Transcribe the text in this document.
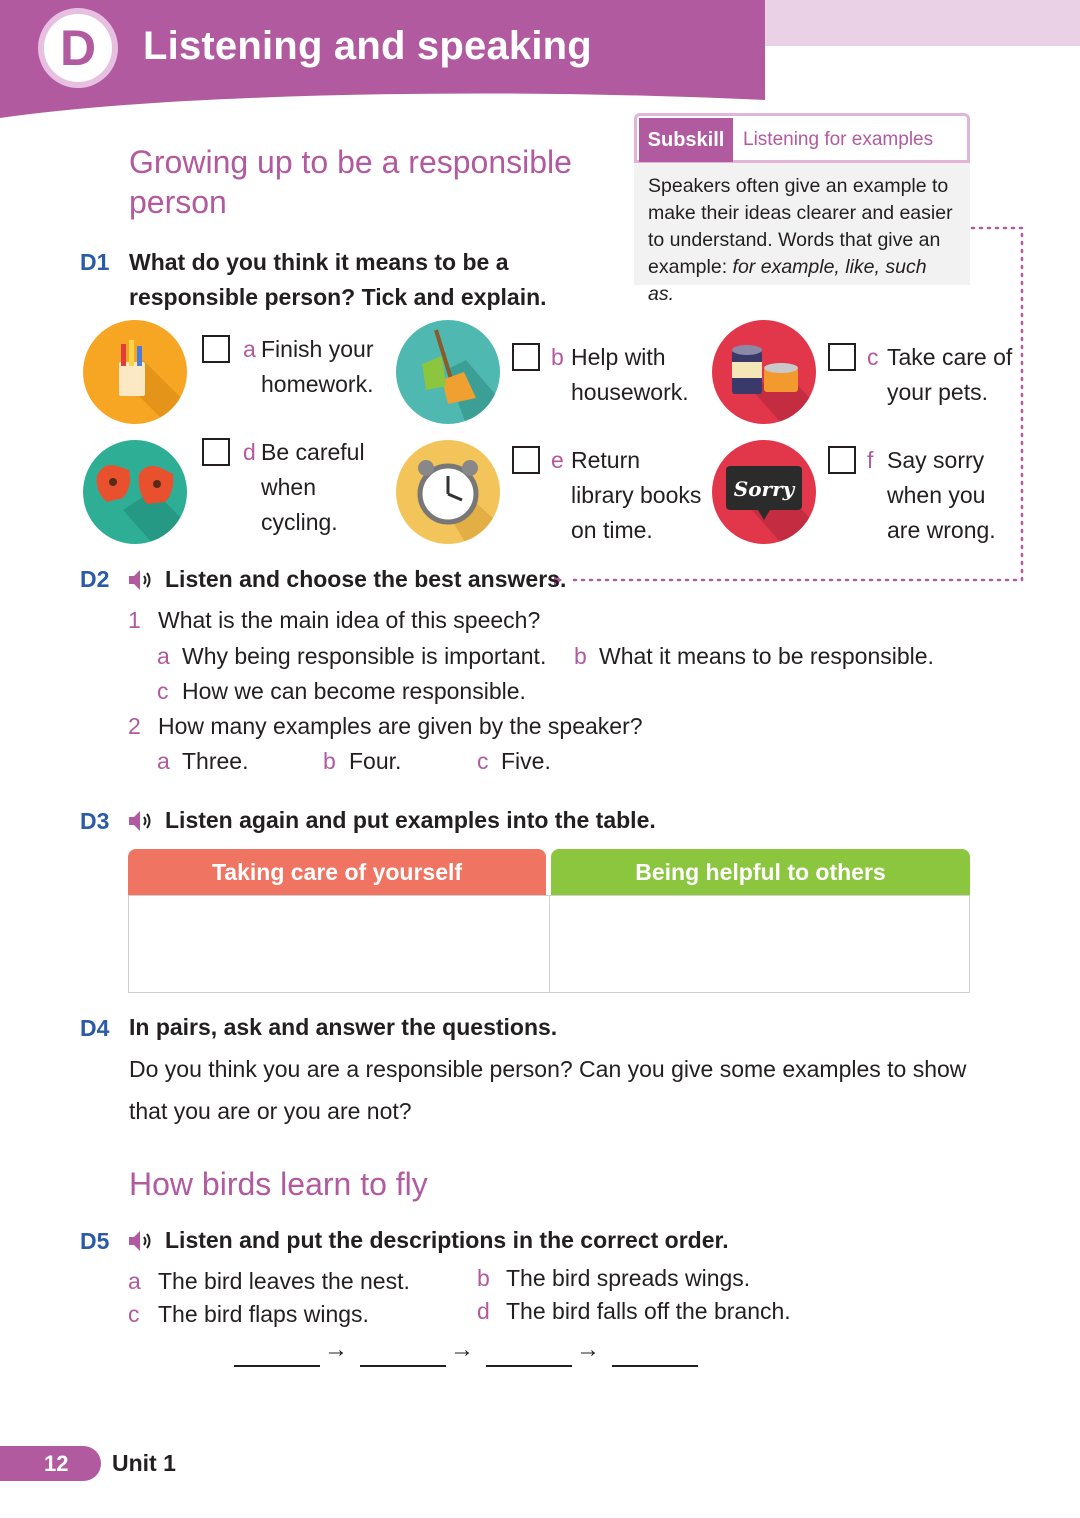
D	Listening and speaking
Growing up to be a responsible person
Subskill Listening for examples
Speakers often give an example to
make their ideas clearer and easier
to understand. Words that give an
example: for example, like, such as.
D1 What do you think it means to be a
responsible person? Tick and explain.
a Finish your
homework.
b Help with
housework.
c Take care of
your pets.
d Be careful
when
cycling.
e Return
library books
on time.
Sorry
f Say sorry
when you
are wrong.
D2 Listen and choose the best answers.
1 What is the main idea of this speech?
a Why being responsible is important. b What it means to be responsible.
c How we can become responsible.
2 How many examples are given by the speaker?
a Three.	b Four.	c Five.
D3 Listen again and put examples into the table.
Taking care of yourself	Being helpful to others
D4 In pairs, ask and answer the questions.
Do you think you are a responsible person? Can you give some examples to show
that you are or you are not?
How birds learn to fly
D5 Listen and put the descriptions in the correct order.
a The bird leaves the nest.	b The bird spreads wings.
c The bird flaps wings.	d The bird falls off the branch.
→	→	→
12	Unit 1
